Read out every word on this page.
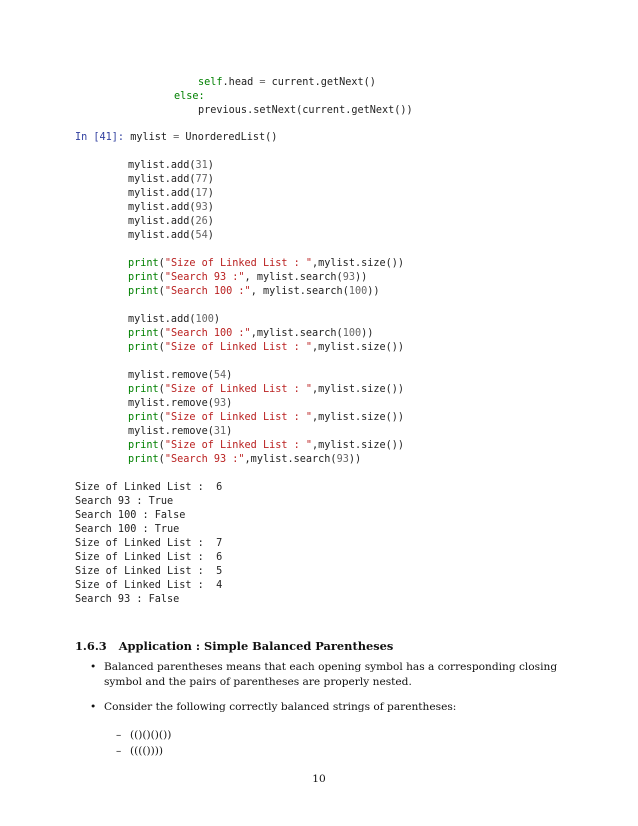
self.head = current.getNext()

else:

previous.setNext(current.getNext())

In [41]: mylist = UnorderedList()

mylist.add(31)

mylist.add(77)

mylist.add(17)

mylist.add(93)

mylist.add(26)

mylist.add(54)

print("Size of Linked List : ",mylist.size())

print("Search 93 :", mylist.search(93))

print("Search 100 :", mylist.search(100))

mylist.add(100)

print("Search 100 :",mylist.search(100))

print("Size of Linked List : ",mylist.size())

mylist.remove(54)

print("Size of Linked List : ",mylist.size())

mylist.remove(93)

print("Size of Linked List : ",mylist.size())

mylist.remove(31)

print("Size of Linked List : ",mylist.size())

print("Search 93 :",mylist.search(93))

Size of Linked List :  6

Search 93 : True

Search 100 : False

Search 100 : True

Size of Linked List :  7

Size of Linked List :  6

Size of Linked List :  5

Size of Linked List :  4

Search 93 : False

1.6.3 Application : Simple Balanced Parentheses
• Balanced parentheses means that each opening symbol has a corresponding closing symbol and the pairs of parentheses are properly nested.
• Consider the following correctly balanced strings of parentheses:
– (()()()())
– (((())))
10
